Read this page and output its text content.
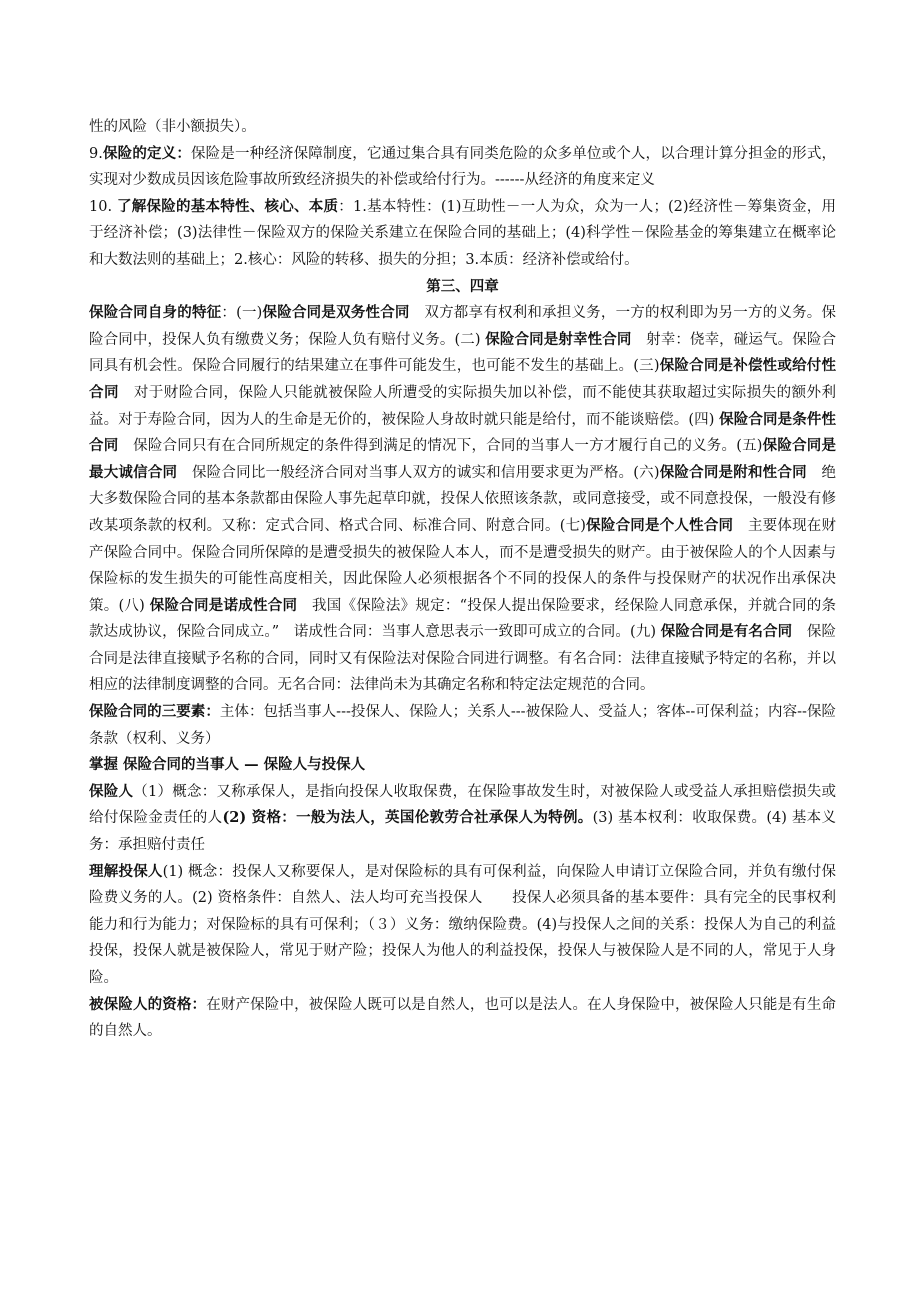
性的风险（非小额损失）。

9.保险的定义：保险是一种经济保障制度，它通过集合具有同类危险的众多单位或个人，以合理计算分担金的形式，实现对少数成员因该危险事故所致经济损失的补偿或给付行为。------从经济的角度来定义

10. 了解保险的基本特性、核心、本质：1.基本特性：(1)互助性－一人为众，众为一人；(2)经济性－筹集资金，用于经济补偿；(3)法律性－保险双方的保险关系建立在保险合同的基础上；(4)科学性－保险基金的筹集建立在概率论和大数法则的基础上；2.核心：风险的转移、损失的分担；3.本质：经济补偿或给付。

第三、四章

保险合同自身的特征：(一)保险合同是双务性合同　双方都享有权利和承担义务，一方的权利即为另一方的义务。保险合同中，投保人负有缴费义务；保险人负有赔付义务。(二) 保险合同是射幸性合同　射幸：侥幸，碰运气。保险合同具有机会性。保险合同履行的结果建立在事件可能发生，也可能不发生的基础上。(三)保险合同是补偿性或给付性合同　对于财险合同，保险人只能就被保险人所遭受的实际损失加以补偿，而不能使其获取超过实际损失的额外利益。对于寿险合同，因为人的生命是无价的，被保险人身故时就只能是给付，而不能谈赔偿。(四) 保险合同是条件性合同　保险合同只有在合同所规定的条件得到满足的情况下，合同的当事人一方才履行自己的义务。(五)保险合同是最大诚信合同　保险合同比一般经济合同对当事人双方的诚实和信用要求更为严格。(六)保险合同是附和性合同　绝大多数保险合同的基本条款都由保险人事先起草印就，投保人依照该条款，或同意接受，或不同意投保，一般没有修改某项条款的权利。又称：定式合同、格式合同、标准合同、附意合同。(七)保险合同是个人性合同　主要体现在财产保险合同中。保险合同所保障的是遭受损失的被保险人本人，而不是遭受损失的财产。由于被保险人的个人因素与保险标的发生损失的可能性高度相关，因此保险人必须根据各个不同的投保人的条件与投保财产的状况作出承保决策。(八) 保险合同是诺成性合同　我国《保险法》规定：“投保人提出保险要求，经保险人同意承保，并就合同的条款达成协议，保险合同成立。”　诺成性合同：当事人意思表示一致即可成立的合同。(九) 保险合同是有名合同　保险合同是法律直接赋予名称的合同，同时又有保险法对保险合同进行调整。有名合同：法律直接赋予特定的名称，并以相应的法律制度调整的合同。无名合同：法律尚未为其确定名称和特定法定规范的合同。

保险合同的三要素：主体：包括当事人---投保人、保险人；关系人---被保险人、受益人；客体--可保利益；内容--保险条款（权利、义务）

掌握 保险合同的当事人 — 保险人与投保人

保险人（1）概念：又称承保人，是指向投保人收取保费，在保险事故发生时，对被保险人或受益人承担赔偿损失或给付保险金责任的人(2) 资格：一般为法人，英国伦敦劳合社承保人为特例。(3) 基本权利：收取保费。(4) 基本义务：承担赔付责任

理解投保人(1) 概念：投保人又称要保人，是对保险标的具有可保利益，向保险人申请订立保险合同，并负有缴付保险费义务的人。(2) 资格条件：自然人、法人均可充当投保人　　投保人必须具备的基本要件：具有完全的民事权利能力和行为能力；对保险标的具有可保利；（３）义务：缴纳保险费。(4)与投保人之间的关系：投保人为自己的利益投保，投保人就是被保险人，常见于财产险；投保人为他人的利益投保，投保人与被保险人是不同的人，常见于人身险。

被保险人的资格：在财产保险中，被保险人既可以是自然人，也可以是法人。在人身保险中，被保险人只能是有生命的自然人。
